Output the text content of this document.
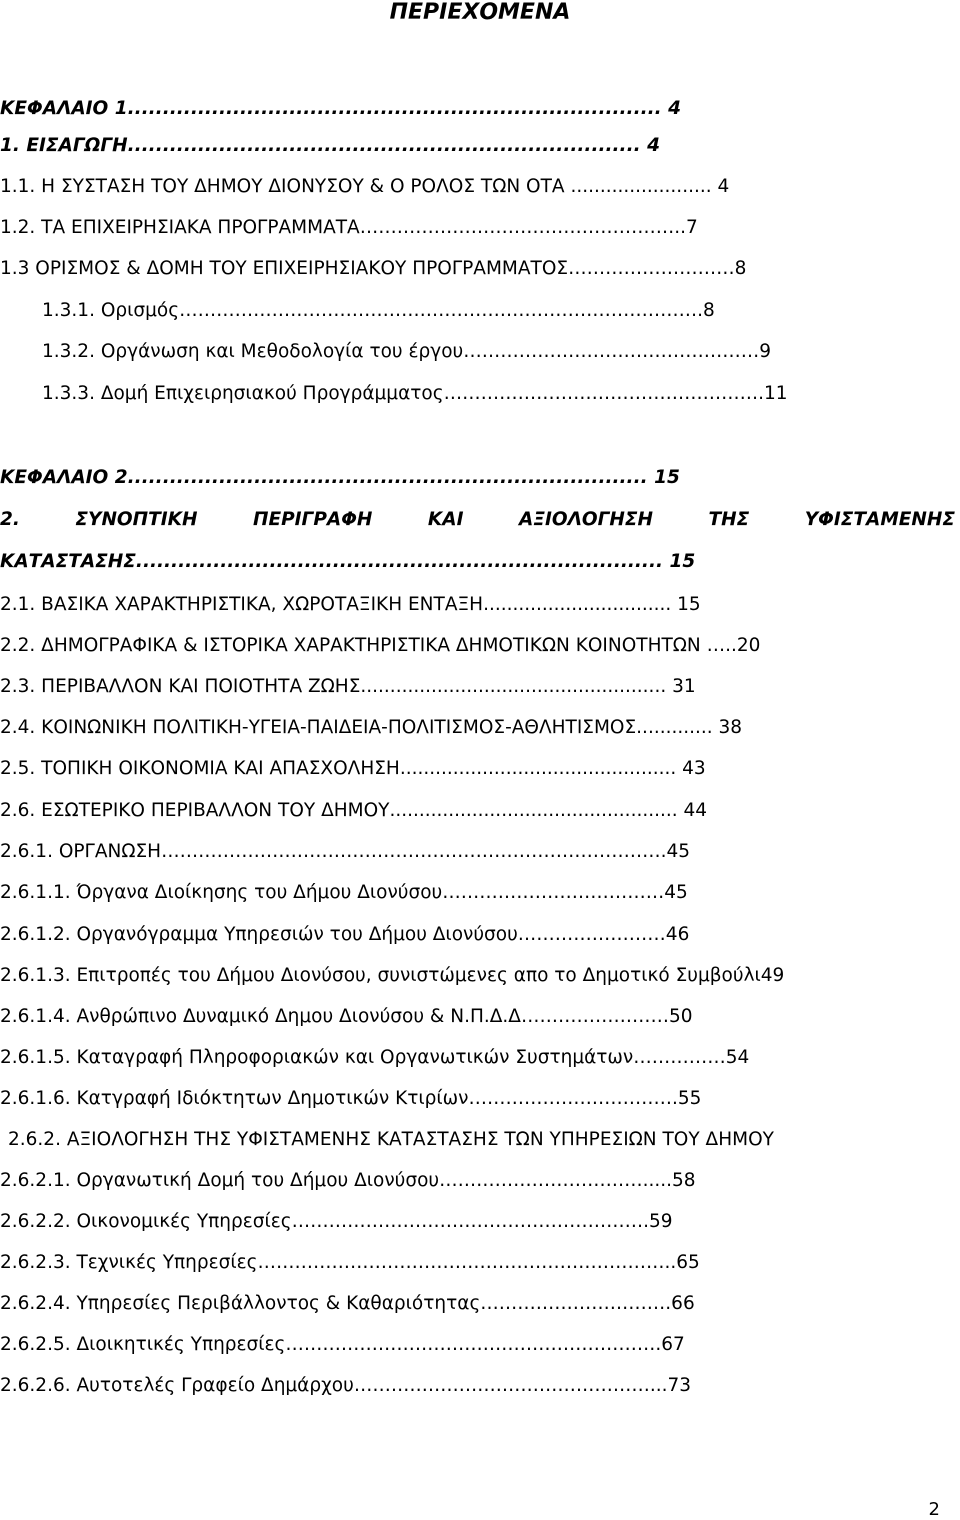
ΠΕΡΙΕΧΟΜΕΝΑ
ΚΕΦΑΛΑΙΟ 1............................................................................ 4
1. ΕΙΣΑΓΩΓΗ......................................................................... 4
1.1. Η ΣΥΣΤΑΣΗ ΤΟΥ ΔΗΜΟΥ ΔΙΟΝΥΣΟΥ & Ο ΡΟΛΟΣ ΤΩΝ ΟΤΑ ........................ 4
1.2. ΤΑ ΕΠΙΧΕΙΡΗΣΙΑΚΑ ΠΡΟΓΡΑΜΜΑΤΑ……………………………………………..7
1.3 ΟΡΙΣΜΟΣ & ΔΟΜΗ ΤΟΥ ΕΠΙΧΕΙΡΗΣΙΑΚΟΥ ΠΡΟΓΡΑΜΜΑΤΟΣ………………………8
1.3.1. Ορισμός………………………………………………………………………….8
1.3.2. Οργάνωση και Μεθοδολογία του έργου…………………………………………9
1.3.3. Δομή Επιχειρησιακού Προγράμματος…………………………………………….11
ΚΕΦΑΛΑΙΟ 2.......................................................................... 15
2. ΣΥΝΟΠΤΙΚΗ ΠΕΡΙΓΡΑΦΗ ΚΑΙ ΑΞΙΟΛΟΓΗΣΗ ΤΗΣ ΥΦΙΣΤΑΜΕΝΗΣ
ΚΑΤΑΣΤΑΣΗΣ........................................................................... 15
2.1. ΒΑΣΙΚΑ ΧΑΡΑΚΤΗΡΙΣΤΙΚΑ, ΧΩΡΟΤΑΞΙΚΗ ΕΝΤΑΞΗ................................ 15
2.2. ΔΗΜΟΓΡΑΦΙΚΑ & ΙΣΤΟΡΙΚΑ ΧΑΡΑΚΤΗΡΙΣΤΙΚΑ ΔΗΜΟΤΙΚΩΝ ΚΟΙΝΟΤΗΤΩΝ …..20
2.3. ΠΕΡΙΒΑΛΛΟΝ ΚΑΙ ΠΟΙΟΤΗΤΑ ΖΩΗΣ.................................................... 31
2.4. ΚΟΙΝΩΝΙΚΗ ΠΟΛΙΤΙΚΗ-ΥΓΕΙΑ-ΠΑΙΔΕΙΑ-ΠΟΛΙΤΙΣΜΟΣ-ΑΘΛΗΤΙΣΜΟΣ............. 38
2.5. ΤΟΠΙΚΗ ΟΙΚΟΝΟΜΙΑ ΚΑΙ ΑΠΑΣΧΟΛΗΣΗ............................................... 43
2.6. ΕΣΩΤΕΡΙΚΟ ΠΕΡΙΒΑΛΛΟΝ ΤΟΥ ΔΗΜΟΥ................................................. 44
2.6.1. ΟΡΓΑΝΩΣΗ……………………………………………………………………….45
2.6.1.1. Όργανα Διοίκησης του Δήμου Διονύσου………………………………45
2.6.1.2. Οργανόγραμμα Υπηρεσιών του Δήμου Διονύσου……………………46
2.6.1.3. Επιτροπές του Δήμου Διονύσου, συνιστώμενες απο το Δημοτικό Συμβούλι49
2.6.1.4. Ανθρώπινο Δυναμικό Δημου Διονύσου & Ν.Π.Δ.Δ……………………50
2.6.1.5. Καταγραφή Πληροφοριακών και Οργανωτικών Συστημάτων……………54
2.6.1.6. Κατγραφή Ιδιόκτητων Δημοτικών Κτιρίων…………………………….55
2.6.2. ΑΞΙΟΛΟΓΗΣΗ ΤΗΣ ΥΦΙΣΤΑΜΕΝΗΣ ΚΑΤΑΣΤΑΣΗΣ ΤΩΝ ΥΠΗΡΕΣΙΩΝ ΤΟΥ ΔΗΜΟΥ
2.6.2.1. Οργανωτική Δομή του Δήμου Διονύσου…………………………….....58
2.6.2.2. Οικονομικές Υπηρεσίες………………………………………………….59
2.6.2.3. Τεχνικές Υπηρεσίες…………………………………………………………..65
2.6.2.4. Υπηρεσίες Περιβάλλοντος & Καθαριότητας………………………….66
2.6.2.5. Διοικητικές Υπηρεσίες…………………………………………………….67
2.6.2.6. Αυτοτελές Γραφείο Δημάρχου…………………………………………...73
2
